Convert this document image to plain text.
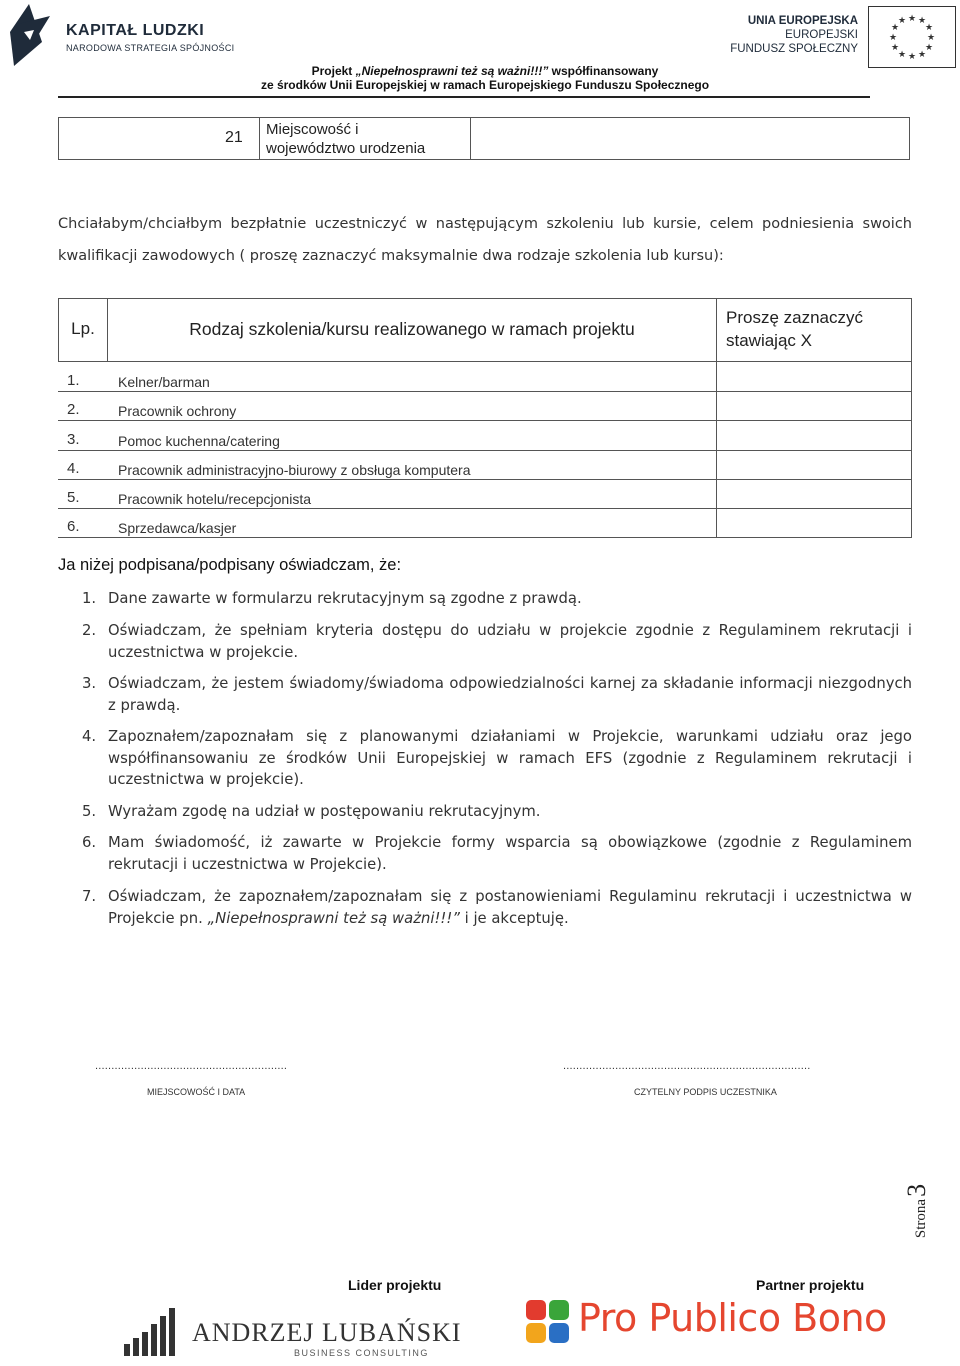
KAPITAŁ LUDZKI
NARODOWA STRATEGIA SPÓJNOŚCI
UNIA EUROPEJSKA
EUROPEJSKI
FUNDUSZ SPOŁECZNY
★ ★
★
★
★
★
★
★
★
★
★
★
Projekt „Niepełnosprawni też są ważni!!!” współfinansowany
ze środków Unii Europejskiej w ramach Europejskiego Funduszu Społecznego
21 Miejscowość i
województwo urodzenia
Chciałabym/chciałbym bezpłatnie uczestniczyć w następującym szkoleniu lub kursie, celem podniesienia swoich kwalifikacji zawodowych ( proszę zaznaczyć maksymalnie dwa rodzaje szkolenia lub kursu):
Lp.	Rodzaj szkolenia/kursu realizowanego w ramach projektu
Proszę zaznaczyć
stawiając X
1.	Kelner/barman
2.	Pracownik ochrony
3.	Pomoc kuchenna/catering
4.	Pracownik administracyjno-biurowy z obsługa komputera
5.	Pracownik hotelu/recepcjonista
6.	Sprzedawca/kasjer
Ja niżej podpisana/podpisany oświadczam, że:
1. Dane zawarte w formularzu rekrutacyjnym są zgodne z prawdą.
2. Oświadczam, że spełniam kryteria dostępu do udziału w projekcie zgodnie z Regulaminem rekrutacji i uczestnictwa w projekcie.
3. Oświadczam, że jestem świadomy/świadoma odpowiedzialności karnej za składanie informacji niezgodnych z prawdą.
4. Zapoznałem/zapoznałam się z planowanymi działaniami w Projekcie, warunkami udziału oraz jego współfinansowaniu ze środków Unii Europejskiej w ramach EFS (zgodnie z Regulaminem rekrutacji i uczestnictwa w projekcie).
5. Wyrażam zgodę na udział w postępowaniu rekrutacyjnym.
6. Mam świadomość, iż zawarte w Projekcie formy wsparcia są obowiązkowe (zgodnie z Regulaminem rekrutacji i uczestnictwa w Projekcie).
7. Oświadczam, że zapoznałem/zapoznałam się z postanowieniami Regulaminu rekrutacji i uczestnictwa w Projekcie pn. „Niepełnosprawni też są ważni!!!” i je akceptuję.
...........................................................
MIEJSCOWOŚĆ I DATA
............................................................................
CZYTELNY PODPIS UCZESTNIKA
Strona3
Lider projektu
ANDRZEJ LUBAŃSKI
BUSINESS CONSULTING
Partner projektu
Pro Publico Bono
